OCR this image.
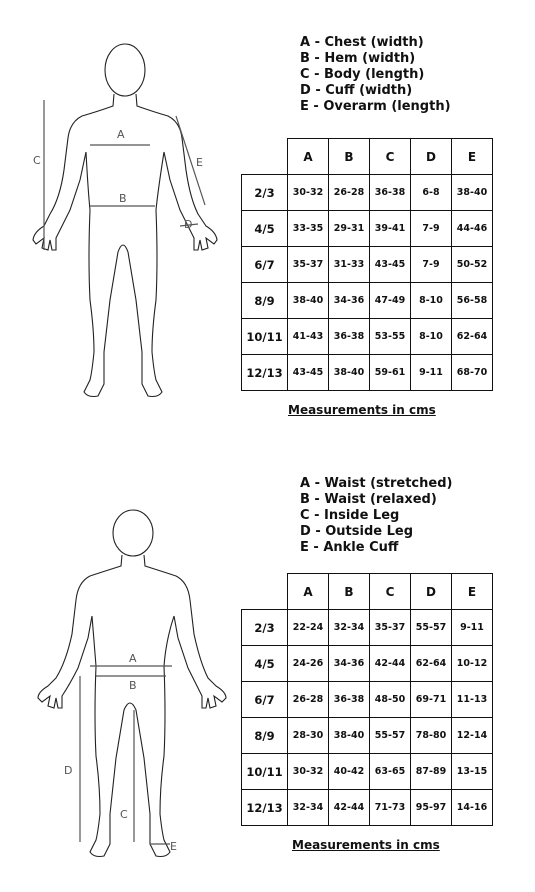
A
B
C
D
E
A - Chest (width)
B - Hem (width)
C - Body (length)
D - Cuff (width)
E - Overarm (length)
	A	B	C	D	E
2/3	30-32	26-28	36-38	6-8	38-40
4/5	33-35	29-31	39-41	7-9	44-46
6/7	35-37	31-33	43-45	7-9	50-52
8/9	38-40	34-36	47-49	8-10	56-58
10/11	41-43	36-38	53-55	8-10	62-64
12/13	43-45	38-40	59-61	9-11	68-70
Measurements in cms
A
B
C
D
E
A - Waist (stretched)
B - Waist (relaxed)
C - Inside Leg
D - Outside Leg
E - Ankle Cuff
	A	B	C	D	E
2/3	22-24	32-34	35-37	55-57	9-11
4/5	24-26	34-36	42-44	62-64	10-12
6/7	26-28	36-38	48-50	69-71	11-13
8/9	28-30	38-40	55-57	78-80	12-14
10/11	30-32	40-42	63-65	87-89	13-15
12/13	32-34	42-44	71-73	95-97	14-16
Measurements in cms
